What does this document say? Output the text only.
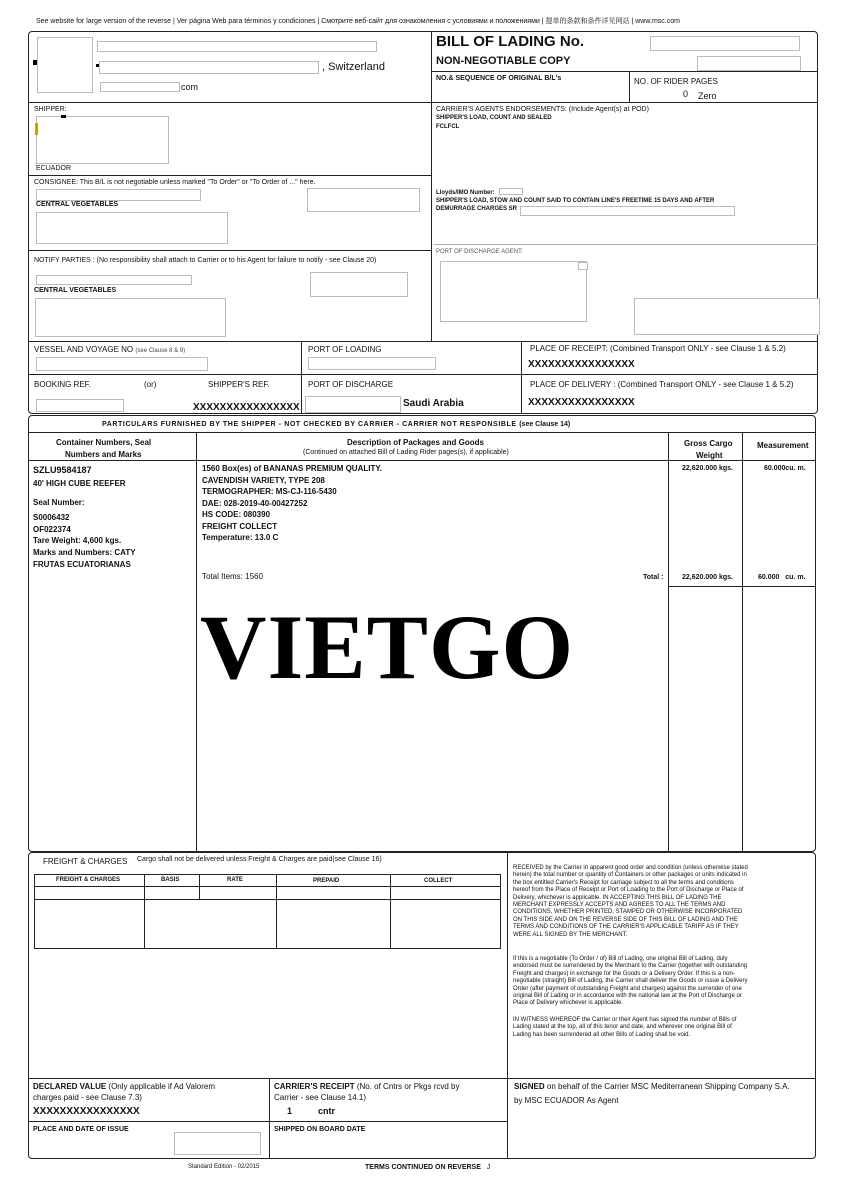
See website for large version of the reverse | Ver página Web para términos y condiciones | Смотрите веб-сайт для ознакомления с условиями и положениями | 提单的条款和条件详见网站 | www.msc.com
, Switzerland
com
BILL OF LADING No.
NON-NEGOTIABLE COPY
NO.& SEQUENCE OF ORIGINAL B/L's	NO. OF RIDER PAGES
0 Zero
SHIPPER:
ECUADOR
CONSIGNEE: This B/L is not negotiable unless marked "To Order" or "To Order of ..." here.
CENTRAL VEGETABLES
NOTIFY PARTIES : (No responsibility shall attach to Carrier or to his Agent for failure to notify - see Clause 20)
CENTRAL VEGETABLES
CARRIER'S AGENTS ENDORSEMENTS: (Include Agent(s) at POD)
SHIPPER'S LOAD, COUNT AND SEALED
FCLFCL
Lloyds/IMO Number:
SHIPPER'S LOAD, STOW AND COUNT SAID TO CONTAIN LINE'S FREETIME 15 DAYS AND AFTER
DEMURRAGE CHARGES SR
PORT OF DISCHARGE AGENT:
VESSEL AND VOYAGE NO (see Clause 8 & 9)	PORT OF LOADING	PLACE OF RECEIPT: (Combined Transport ONLY - see Clause 1 & 5.2)
XXXXXXXXXXXXXXXX
BOOKING REF.	(or)	SHIPPER'S REF.
XXXXXXXXXXXXXXXX
PORT OF DISCHARGE
Saudi Arabia
PLACE OF DELIVERY : (Combined Transport ONLY - see Clause 1 & 5.2)
XXXXXXXXXXXXXXXX
PARTICULARS FURNISHED BY THE SHIPPER - NOT CHECKED BY CARRIER - CARRIER NOT RESPONSIBLE (see Clause 14)
Container Numbers, Seal
Numbers and Marks
Description of Packages and Goods
(Continued on attached Bill of Lading Rider pages(s), if applicable)
Gross Cargo
Weight
Measurement
SZLU9584187
40' HIGH CUBE REEFER
Seal Number:
S0006432
OF022374
Tare Weight: 4,600 kgs.
Marks and Numbers: CATY
FRUTAS ECUATORIANAS
1560 Box(es) of BANANAS PREMIUM QUALITY.
CAVENDISH VARIETY, TYPE 208
TERMOGRAPHER: MS-CJ-116-5430
DAE: 028-2019-40-00427252
HS CODE: 080390
FREIGHT COLLECT
Temperature: 13.0 C
Total Items: 1560	Total :
22,620.000 kgs.	60.000cu. m.
22,620.000 kgs.	60.000 cu. m.
VIETGO
FREIGHT & CHARGES Cargo shall not be delivered unless Freight & Charges are paid(see Clause 16)
FREIGHT & CHARGES	BASIS	RATE	PREPAID	COLLECT
RECEIVED by the Carrier in apparent good order and condition (unless otherwise stated herein) the total number or quantity of Containers or other packages or units indicated in the box entitled Carrier's Receipt for carriage subject to all the terms and conditions hereof from the Place of Receipt or Port of Loading to the Port of Discharge or Place of Delivery, whichever is applicable. IN ACCEPTING THIS BILL OF LADING THE MERCHANT EXPRESSLY ACCEPTS AND AGREES TO ALL THE TERMS AND CONDITIONS, WHETHER PRINTED, STAMPED OR OTHERWISE INCORPORATED ON THIS SIDE AND ON THE REVERSE SIDE OF THIS BILL OF LADING AND THE TERMS AND CONDITIONS OF THE CARRIER'S APPLICABLE TARIFF AS IF THEY WERE ALL SIGNED BY THE MERCHANT.
If this is a negotiable (To Order / of) Bill of Lading, one original Bill of Lading, duly endorsed must be surrendered by the Merchant to the Carrier (together with outstanding Freight and charges) in exchange for the Goods or a Delivery Order. If this is a non-negotiable (straight) Bill of Lading, the Carrier shall deliver the Goods or issue a Delivery Order (after payment of outstanding Freight and charges) against the surrender of one original Bill of Lading or in accordance with the national law at the Port of Discharge or Place of Delivery whichever is applicable.
IN WITNESS WHEREOF the Carrier or their Agent has signed the number of Bills of Lading stated at the top, all of this tenor and date, and wherever one original Bill of Lading has been surrendered all other Bills of Lading shall be void.
DECLARED VALUE (Only applicable if Ad Valorem
charges paid - see Clause 7.3)
XXXXXXXXXXXXXXXX
CARRIER'S RECEIPT (No. of Cntrs or Pkgs rcvd by
Carrier - see Clause 14.1)
1	cntr
SIGNED on behalf of the Carrier MSC Mediterranean Shipping Company S.A.
by MSC ECUADOR As Agent
PLACE AND DATE OF ISSUE	SHIPPED ON BOARD DATE
Standard Edition - 02/2015	TERMS CONTINUED ON REVERSE J
